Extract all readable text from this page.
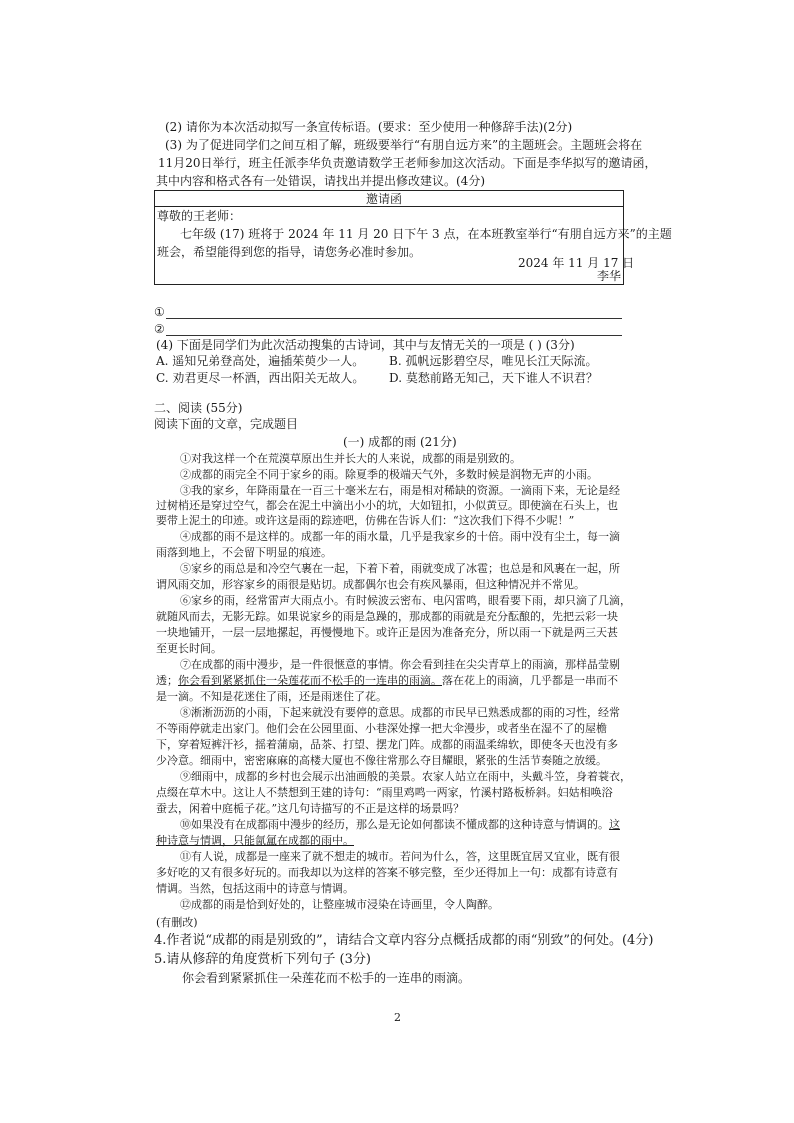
(2) 请你为本次活动拟写一条宣传标语。(要求：至少使用一种修辞手法)(2分)
(3) 为了促进同学们之间互相了解，班级要举行“有朋自远方来”的主题班会。主题班会将在
11月20日举行，班主任派李华负责邀请数学王老师参加这次活动。下面是李华拟写的邀请函，
其中内容和格式各有一处错误，请找出并提出修改建议。(4分)
邀请函
尊敬的王老师：
七年级 (17) 班将于 2024 年 11 月 20 日下午 3 点，在本班教室举行“有朋自远方来”的主题
班会，希望能得到您的指导，请您务必准时参加。
2024 年 11 月 17 日
李华
①
②
(4) 下面是同学们为此次活动搜集的古诗词，其中与友情无关的一项是 ( ) (3分)
A. 遥知兄弟登高处，遍插茱萸少一人。 B. 孤帆远影碧空尽，唯见长江天际流。
C. 劝君更尽一杯酒，西出阳关无故人。 D. 莫愁前路无知己，天下谁人不识君？
二、阅读 (55分)
阅读下面的文章，完成题目
(一) 成都的雨 (21分)
①对我这样一个在荒漠草原出生并长大的人来说，成都的雨是别致的。
②成都的雨完全不同于家乡的雨。除夏季的极端天气外，多数时候是润物无声的小雨。
③我的家乡，年降雨量在一百三十毫米左右，雨是相对稀缺的资源。一滴雨下来，无论是经
过树梢还是穿过空气，都会在泥土中滴出小小的坑，大如钮扣，小似黄豆。即使滴在石头上，也
要带上泥土的印迹。或许这是雨的踪迹吧，仿佛在告诉人们：“这次我们下得不少呢！”
④成都的雨不是这样的。成都一年的雨水量，几乎是我家乡的十倍。雨中没有尘土，每一滴
雨落到地上，不会留下明显的痕迹。
⑤家乡的雨总是和冷空气裹在一起，下着下着，雨就变成了冰雹；也总是和风裹在一起，所
谓风雨交加，形容家乡的雨很是贴切。成都偶尔也会有疾风暴雨，但这种情况并不常见。
⑥家乡的雨，经常雷声大雨点小。有时候波云密布、电闪雷鸣，眼看要下雨，却只滴了几滴，
就随风而去，无影无踪。如果说家乡的雨是急躁的，那成都的雨就是充分酝酿的，先把云彩一块
一块地铺开，一层一层地摞起，再慢慢地下。或许正是因为准备充分，所以雨一下就是两三天甚
至更长时间。
⑦在成都的雨中漫步，是一件很惬意的事情。你会看到挂在尖尖青草上的雨滴，那样晶莹剔
透；你会看到紧紧抓住一朵莲花而不松手的一连串的雨滴。落在花上的雨滴，几乎都是一串而不
是一滴。不知是花迷住了雨，还是雨迷住了花。
⑧淅淅沥沥的小雨，下起来就没有要停的意思。成都的市民早已熟悉成都的雨的习性，经常
不等雨停就走出家门。他们会在公园里面、小巷深处撑一把大伞漫步，或者坐在湿不了的屋檐
下，穿着短裤汗衫，摇着蒲扇，品茶、打望、摆龙门阵。成都的雨温柔绵软，即使冬天也没有多
少冷意。细雨中，密密麻麻的高楼大厦也不像往常那么夺目耀眼，紧张的生活节奏随之放缓。
⑨细雨中，成都的乡村也会展示出油画般的美景。农家人站立在雨中，头戴斗笠，身着蓑衣，
点缀在草木中。这让人不禁想到王建的诗句：“雨里鸡鸣一两家，竹溪村路板桥斜。妇姑相唤浴
蚕去，闲着中庭栀子花。”这几句诗描写的不正是这样的场景吗？
⑩如果没有在成都雨中漫步的经历，那么是无论如何都读不懂成都的这种诗意与情调的。这
种诗意与情调，只能氤氲在成都的雨中。
⑪有人说，成都是一座来了就不想走的城市。若问为什么，答，这里既宜居又宜业，既有很
多好吃的又有很多好玩的。而我却以为这样的答案不够完整，至少还得加上一句：成都有诗意有
情调。当然，包括这雨中的诗意与情调。
⑫成都的雨是恰到好处的，让整座城市浸染在诗画里，令人陶醉。
(有删改)
4.作者说“成都的雨是别致的”，请结合文章内容分点概括成都的雨“别致”的何处。(4分)
5.请从修辞的角度赏析下列句子 (3分)
你会看到紧紧抓住一朵莲花而不松手的一连串的雨滴。
2
